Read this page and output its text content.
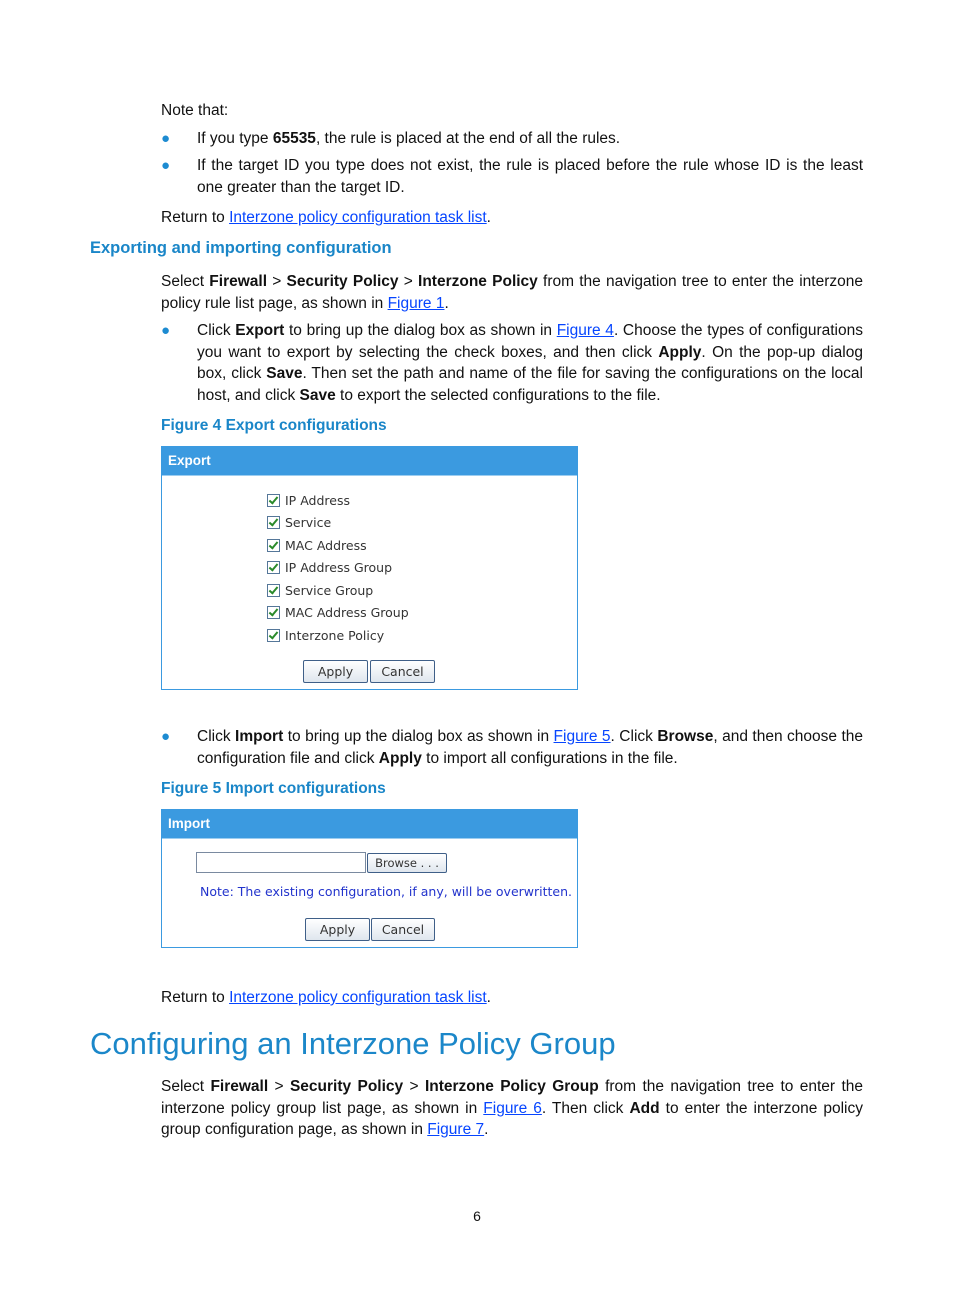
Note that:
● If you type 65535, the rule is placed at the end of all the rules.
● If the target ID you type does not exist, the rule is placed before the rule whose ID is the least one greater than the target ID.
Return to Interzone policy configuration task list.
Exporting and importing configuration
Select Firewall > Security Policy > Interzone Policy from the navigation tree to enter the interzone policy rule list page, as shown in Figure 1.
● Click Export to bring up the dialog box as shown in Figure 4. Choose the types of configurations you want to export by selecting the check boxes, and then click Apply. On the pop-up dialog box, click Save. Then set the path and name of the file for saving the configurations on the local host, and click Save to export the selected configurations to the file.
Figure 4 Export configurations
Export
IP Address
Service
MAC Address
IP Address Group
Service Group
MAC Address Group
Interzone Policy
Apply	Cancel
● Click Import to bring up the dialog box as shown in Figure 5. Click Browse, and then choose the configuration file and click Apply to import all configurations in the file.
Figure 5 Import configurations
Import
Browse . . .
Note: The existing configuration, if any, will be overwritten.
Apply	Cancel
Return to Interzone policy configuration task list.
Configuring an Interzone Policy Group
Select Firewall > Security Policy > Interzone Policy Group from the navigation tree to enter the interzone policy group list page, as shown in Figure 6. Then click Add to enter the interzone policy group configuration page, as shown in Figure 7.
6
